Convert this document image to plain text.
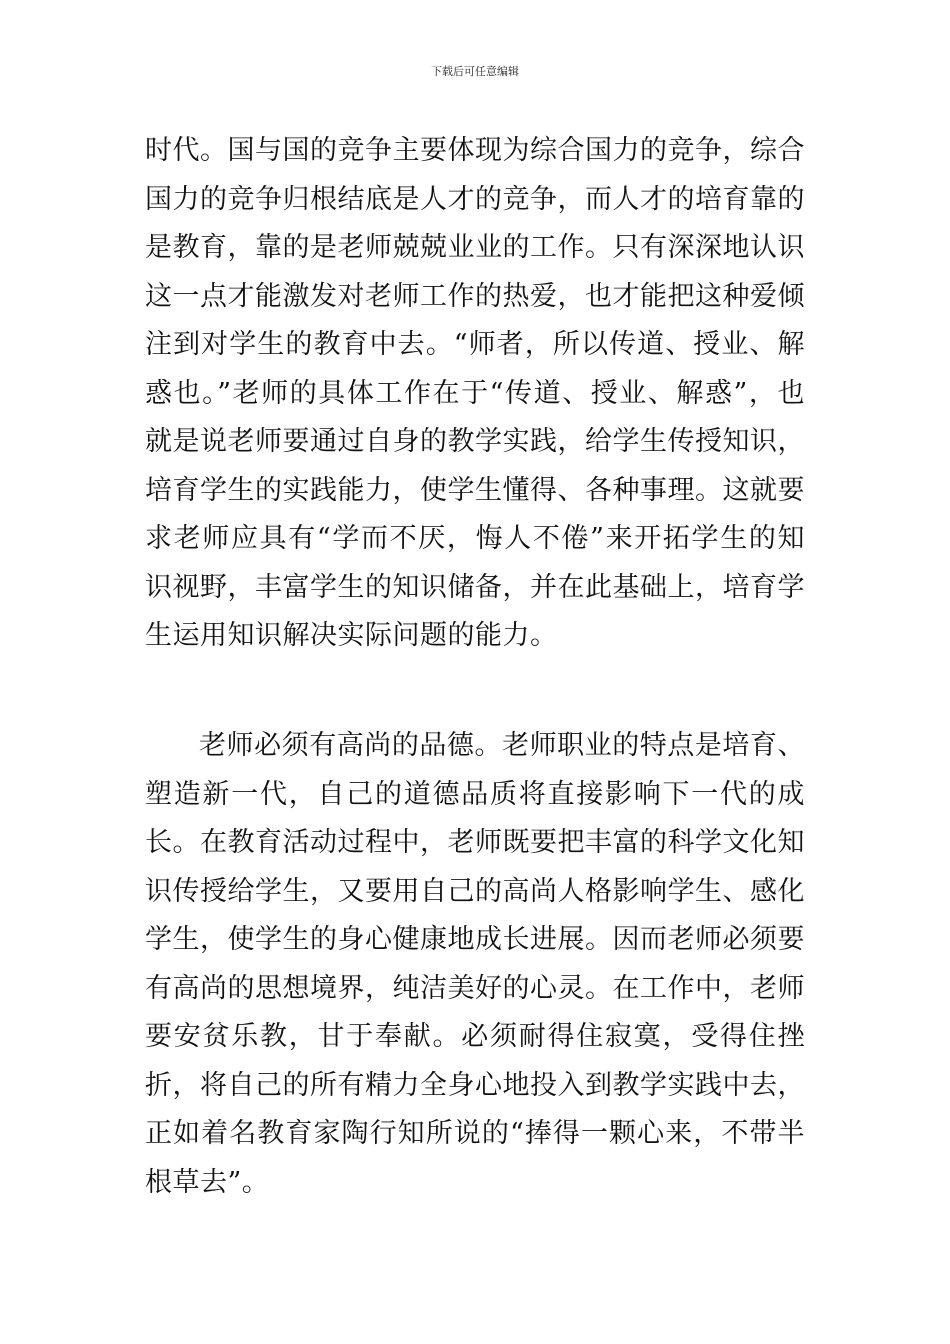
下载后可任意编辑

时代。国与国的竞争主要体现为综合国力的竞争，综合国力的竞争归根结底是人才的竞争，而人才的培育靠的是教育，靠的是老师兢兢业业的工作。只有深深地认识这一点才能激发对老师工作的热爱，也才能把这种爱倾注到对学生的教育中去。“师者，所以传道、授业、解惑也。”老师的具体工作在于“传道、授业、解惑”，也就是说老师要通过自身的教学实践，给学生传授知识，培育学生的实践能力，使学生懂得、各种事理。这就要求老师应具有“学而不厌，悔人不倦”来开拓学生的知识视野，丰富学生的知识储备，并在此基础上，培育学生运用知识解决实际问题的能力。

老师必须有高尚的品德。老师职业的特点是培育、塑造新一代，自己的道德品质将直接影响下一代的成长。在教育活动过程中，老师既要把丰富的科学文化知识传授给学生，又要用自己的高尚人格影响学生、感化学生，使学生的身心健康地成长进展。因而老师必须要有高尚的思想境界，纯洁美好的心灵。在工作中，老师要安贫乐教，甘于奉献。必须耐得住寂寞，受得住挫折，将自己的所有精力全身心地投入到教学实践中去，正如着名教育家陶行知所说的“捧得一颗心来，不带半根草去”。
